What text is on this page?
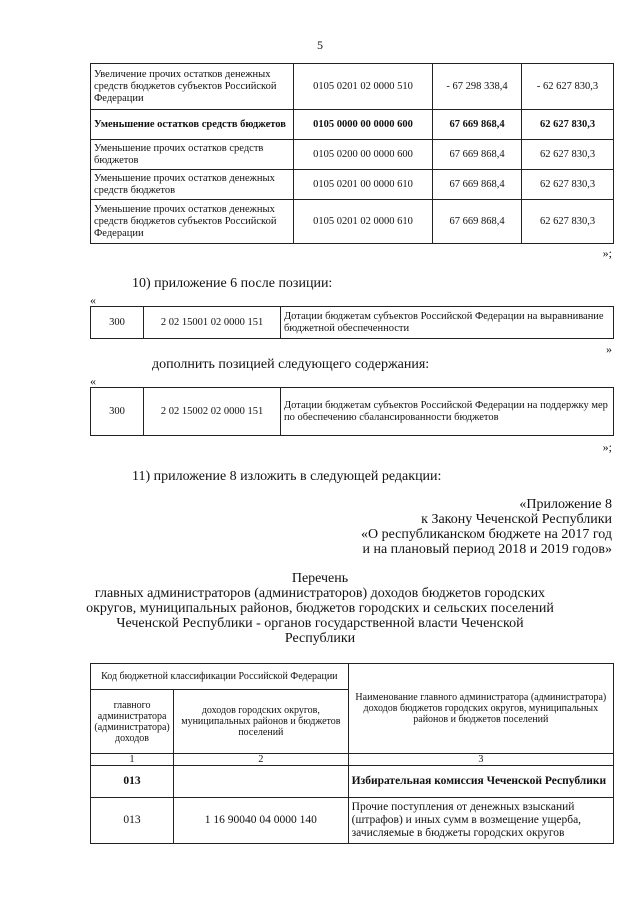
5
Увеличение прочих остатков денежных средств бюджетов субъектов Российской Федерации	0105 0201 02 0000 510	- 67 298 338,4	- 62 627 830,3
Уменьшение остатков средств бюджетов	0105 0000 00 0000 600	67 669 868,4	62 627 830,3
Уменьшение прочих остатков средств бюджетов	0105 0200 00 0000 600	67 669 868,4	62 627 830,3
Уменьшение прочих остатков денежных средств бюджетов	0105 0201 00 0000 610	67 669 868,4	62 627 830,3
Уменьшение прочих остатков денежных средств бюджетов субъектов Российской Федерации	0105 0201 02 0000 610	67 669 868,4	62 627 830,3
»;
10) приложение 6 после позиции:
«
300	2 02 15001 02 0000 151	Дотации бюджетам субъектов Российской Федерации на выравнивание бюджетной обеспеченности
»
дополнить позицией следующего содержания:
«
300	2 02 15002 02 0000 151	Дотации бюджетам субъектов Российской Федерации на поддержку мер по обеспечению сбалансированности бюджетов
»;
11) приложение 8 изложить в следующей редакции:
«Приложение 8
к Закону Чеченской Республики
«О республиканском бюджете на 2017 год
и на плановый период 2018 и 2019 годов»
Перечень
главных администраторов (администраторов) доходов бюджетов городских
округов, муниципальных районов, бюджетов городских и сельских поселений
Чеченской Республики - органов государственной власти Чеченской
Республики
Код бюджетной классификации Российской Федерации		Наименование главного администратора (администратора) доходов бюджетов городских округов, муниципальных районов и бюджетов поселений
главного администратора (администратора) доходов	доходов городских округов, муниципальных районов и бюджетов поселений	
1	2	3
013		Избирательная комиссия Чеченской Республики
013	1 16 90040 04 0000 140	Прочие поступления от денежных взысканий (штрафов) и иных сумм в возмещение ущерба, зачисляемые в бюджеты городских округов
